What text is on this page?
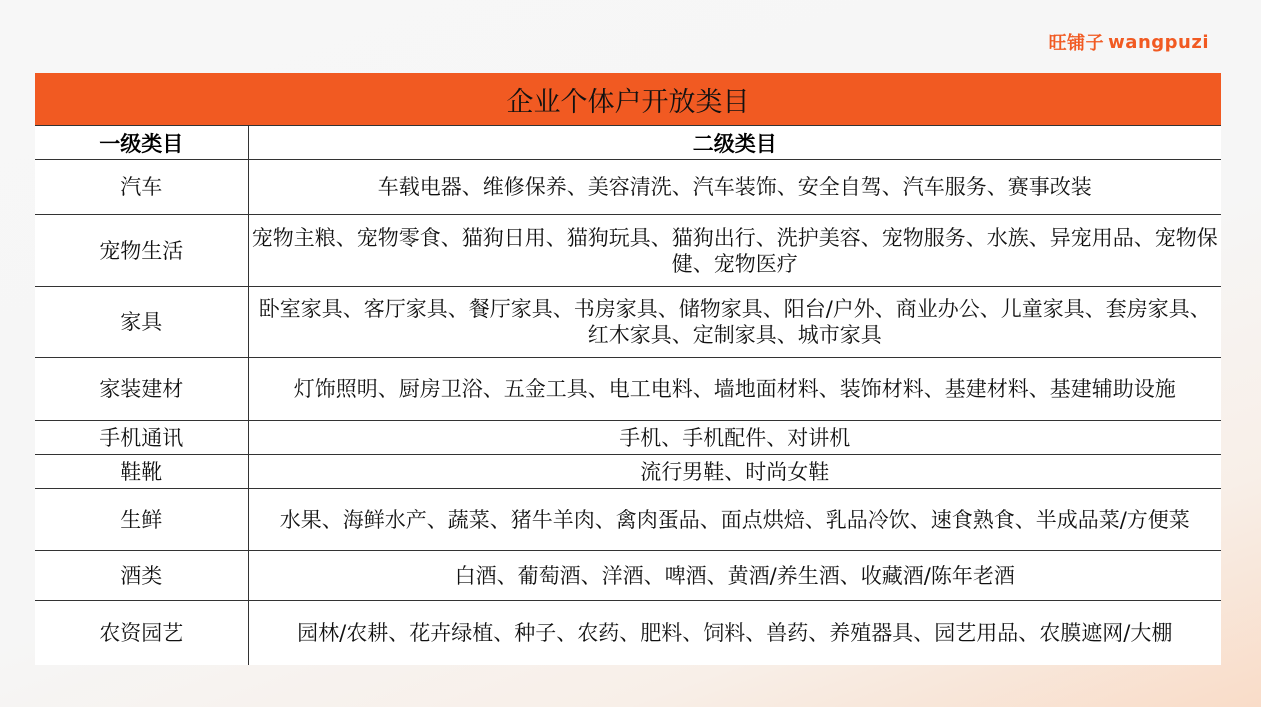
旺铺子 wangpuzi
企业个体户开放类目	
一级类目	二级类目
汽车	车载电器、维修保养、美容清洗、汽车装饰、安全自驾、汽车服务、赛事改装
宠物生活	宠物主粮、宠物零食、猫狗日用、猫狗玩具、猫狗出行、洗护美容、宠物服务、水族、异宠用品、宠物保健、宠物医疗
家具	卧室家具、客厅家具、餐厅家具、书房家具、储物家具、阳台/户外、商业办公、儿童家具、套房家具、红木家具、定制家具、城市家具
家装建材	灯饰照明、厨房卫浴、五金工具、电工电料、墙地面材料、装饰材料、基建材料、基建辅助设施
手机通讯	手机、手机配件、对讲机
鞋靴	流行男鞋、时尚女鞋
生鲜	水果、海鲜水产、蔬菜、猪牛羊肉、禽肉蛋品、面点烘焙、乳品冷饮、速食熟食、半成品菜/方便菜
酒类	白酒、葡萄酒、洋酒、啤酒、黄酒/养生酒、收藏酒/陈年老酒
农资园艺	园林/农耕、花卉绿植、种子、农药、肥料、饲料、兽药、养殖器具、园艺用品、农膜遮网/大棚
